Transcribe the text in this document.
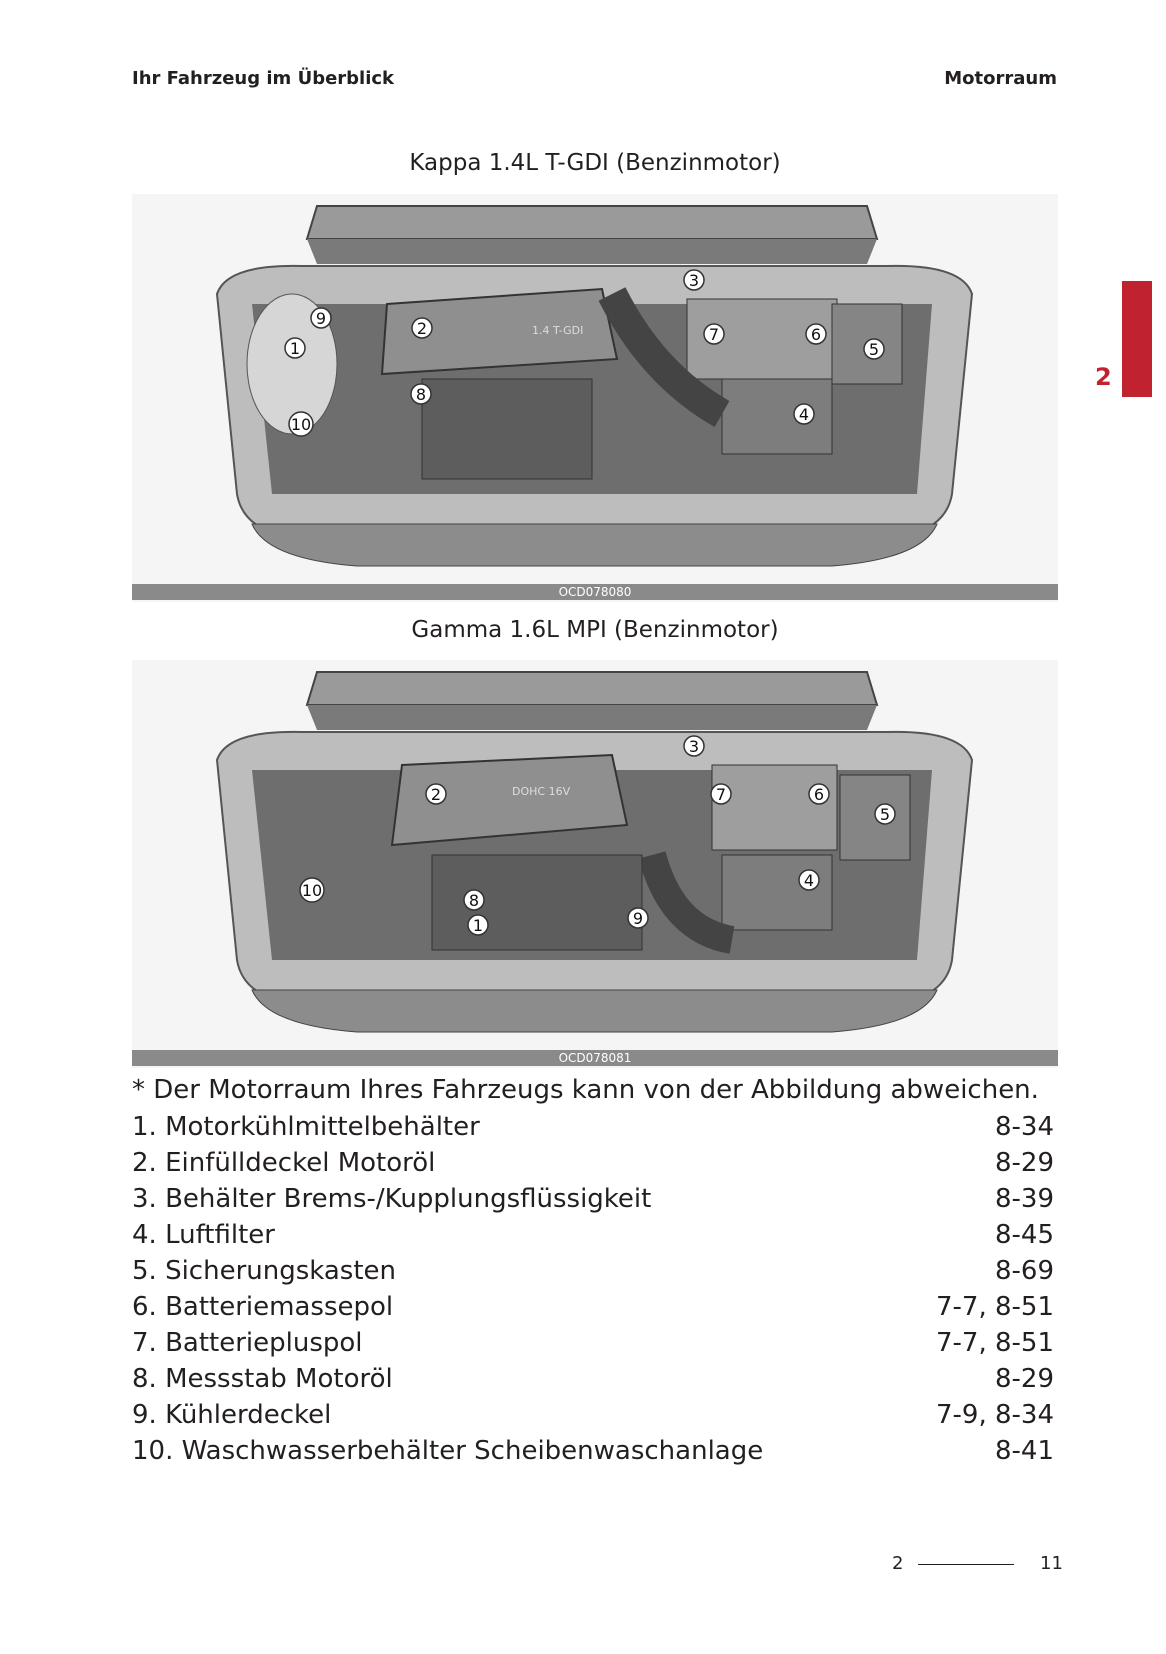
Ihr Fahrzeug im Überblick	Motorraum
2
Kappa 1.4L T-GDI (Benzinmotor)
1.4 T-GDI
1
2
3
4
5
6
7
8
9
10
OCD078080
Gamma 1.6L MPI (Benzinmotor)
DOHC 16V
1
2
3
4
5
6
7
8
9
10
OCD078081
* Der Motorraum Ihres Fahrzeugs kann von der Abbildung abweichen.
1. Motorkühlmittelbehälter	8-34
2. Einfülldeckel Motoröl	8-29
3. Behälter Brems-/Kupplungsflüssigkeit	8-39
4. Luftfilter	8-45
5. Sicherungskasten	8-69
6. Batteriemassepol	7-7, 8-51
7. Batteriepluspol	7-7, 8-51
8. Messstab Motoröl	8-29
9. Kühlerdeckel	7-9, 8-34
10. Waschwasserbehälter Scheibenwaschanlage	8-41
2	11
